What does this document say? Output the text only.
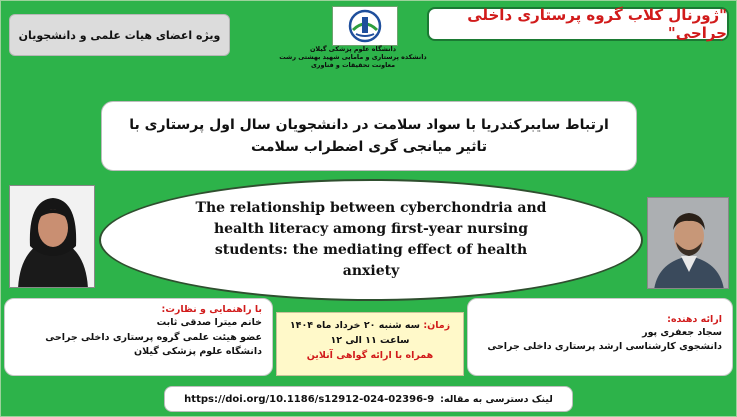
"ژورنال کلاب گروه پرستاری داخلی جراحی"
ویژه اعضای هیات علمی و دانشجویان
دانشگاه علوم پزشکی گیلان
دانشکده پرستاری و مامایی شهید بهشتی رشت
معاونت تحقیقات و فناوری
ارتباط سایبرکندریا با سواد سلامت در دانشجویان سال اول پرستاری با تاثیر میانجی گری اضطراب سلامت
The relationship between cyberchondria and health literacy among first-year nursing students: the mediating effect of health anxiety
با راهنمایی و نظارت:
خانم میترا صدقی ثابت
عضو هیئت علمی گروه پرستاری داخلی جراحی
دانشگاه علوم پزشکی گیلان
زمان: سه شنبه ۲۰ خرداد ماه ۱۴۰۴
ساعت ۱۱ الی ۱۲
همراه با ارائه گواهی آنلاین
ارائه دهنده:
سجاد جعفری پور
دانشجوی کارشناسی ارشد پرستاری داخلی جراحی
لینک دسترسی به مقاله:
https://doi.org/10.1186/s12912-024-02396-9
